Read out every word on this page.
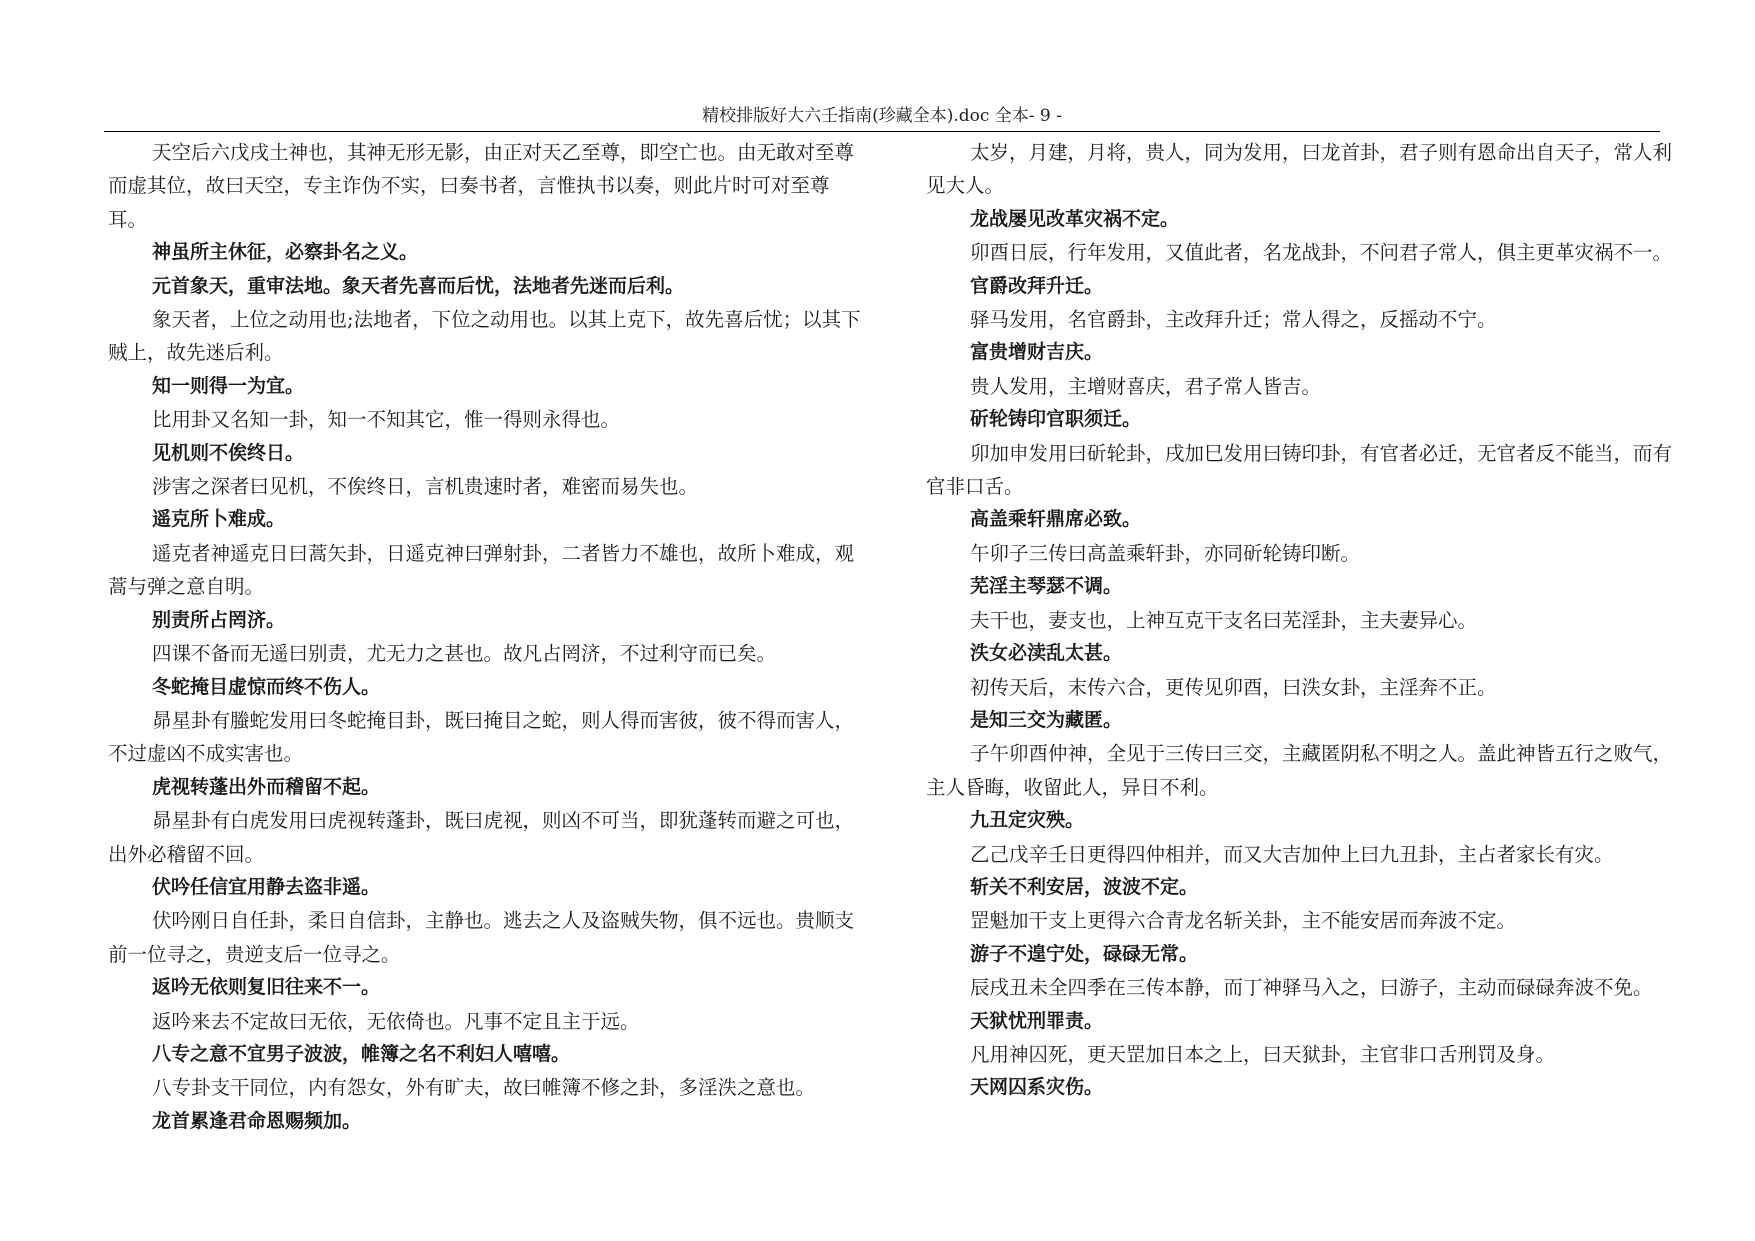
精校排版好大六壬指南(珍藏全本).doc 全本- 9 -

天空后六戊戌土神也，其神无形无影，由正对天乙至尊，即空亡也。由无敢对至尊而虚其位，故曰天空，专主诈伪不实，曰奏书者，言惟执书以奏，则此片时可对至尊耳。

神虽所主休征，必察卦名之义。

元首象天，重审法地。象天者先喜而后忧，法地者先迷而后利。

象天者，上位之动用也;法地者，下位之动用也。以其上克下，故先喜后忧；以其下贼上，故先迷后利。

知一则得一为宜。

比用卦又名知一卦，知一不知其它，惟一得则永得也。

见机则不俟终日。

涉害之深者曰见机，不俟终日，言机贵速时者，难密而易失也。

遥克所卜难成。

遥克者神遥克日曰蒿矢卦，日遥克神曰弹射卦，二者皆力不雄也，故所卜难成，观蒿与弹之意自明。

别责所占罔济。

四课不备而无遥曰别责，尤无力之甚也。故凡占罔济，不过利守而已矣。

冬蛇掩目虚惊而终不伤人。

昴星卦有螣蛇发用曰冬蛇掩目卦，既曰掩目之蛇，则人得而害彼，彼不得而害人，不过虚凶不成实害也。

虎视转蓬出外而稽留不起。

昴星卦有白虎发用曰虎视转蓬卦，既曰虎视，则凶不可当，即犹蓬转而避之可也，出外必稽留不回。

伏吟任信宜用静去盗非遥。

伏吟刚日自任卦，柔日自信卦，主静也。逃去之人及盗贼失物，俱不远也。贵顺支前一位寻之，贵逆支后一位寻之。

返吟无依则复旧往来不一。

返吟来去不定故曰无依，无依倚也。凡事不定且主于远。

八专之意不宜男子波波，帷簿之名不利妇人嘻嘻。

八专卦支干同位，内有怨女，外有旷夫，故曰帷簿不修之卦，多淫泆之意也。

龙首累逢君命恩赐频加。

太岁，月建，月将，贵人，同为发用，曰龙首卦，君子则有恩命出自天子，常人利见大人。

龙战屡见改革灾祸不定。

卯酉日辰，行年发用，又值此者，名龙战卦，不问君子常人，俱主更革灾祸不一。

官爵改拜升迁。

驿马发用，名官爵卦，主改拜升迁；常人得之，反摇动不宁。

富贵增财吉庆。

贵人发用，主增财喜庆，君子常人皆吉。

斫轮铸印官职须迁。

卯加申发用曰斫轮卦，戌加巳发用曰铸印卦，有官者必迁，无官者反不能当，而有官非口舌。

高盖乘轩鼎席必致。

午卯子三传曰高盖乘轩卦，亦同斫轮铸印断。

芜淫主琴瑟不调。

夫干也，妻支也，上神互克干支名曰芜淫卦，主夫妻异心。

泆女必渎乱太甚。

初传天后，末传六合，更传见卯酉，曰泆女卦，主淫奔不正。

是知三交为藏匿。

子午卯酉仲神，全见于三传曰三交，主藏匿阴私不明之人。盖此神皆五行之败气，主人昏晦，收留此人，异日不利。

九丑定灾殃。

乙己戊辛壬日更得四仲相并，而又大吉加仲上曰九丑卦，主占者家长有灾。

斩关不利安居，波波不定。

罡魁加干支上更得六合青龙名斩关卦，主不能安居而奔波不定。

游子不遑宁处，碌碌无常。

辰戌丑未全四季在三传本静，而丁神驿马入之，曰游子，主动而碌碌奔波不免。

天狱忧刑罪责。

凡用神囚死，更天罡加日本之上，曰天狱卦，主官非口舌刑罚及身。

天网囚系灾伤。
